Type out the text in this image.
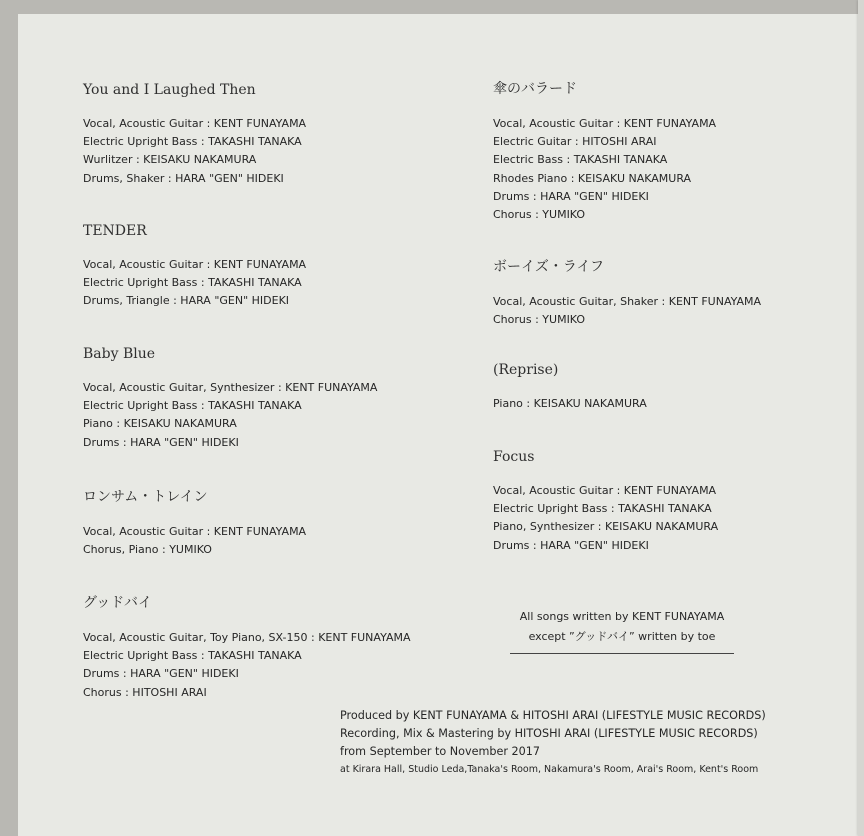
You and I Laughed Then
Vocal, Acoustic Guitar : KENT FUNAYAMA
Electric Upright Bass : TAKASHI TANAKA
Wurlitzer : KEISAKU NAKAMURA
Drums, Shaker : HARA "GEN" HIDEKI
TENDER
Vocal, Acoustic Guitar : KENT FUNAYAMA
Electric Upright Bass : TAKASHI TANAKA
Drums, Triangle : HARA "GEN" HIDEKI
Baby Blue
Vocal, Acoustic Guitar, Synthesizer : KENT FUNAYAMA
Electric Upright Bass : TAKASHI TANAKA
Piano : KEISAKU NAKAMURA
Drums : HARA "GEN" HIDEKI
ロンサム・トレイン
Vocal, Acoustic Guitar : KENT FUNAYAMA
Chorus, Piano : YUMIKO
グッドバイ
Vocal, Acoustic Guitar, Toy Piano, SX-150 : KENT FUNAYAMA
Electric Upright Bass : TAKASHI TANAKA
Drums : HARA "GEN" HIDEKI
Chorus : HITOSHI ARAI
傘のバラード
Vocal, Acoustic Guitar : KENT FUNAYAMA
Electric Guitar : HITOSHI ARAI
Electric Bass : TAKASHI TANAKA
Rhodes Piano : KEISAKU NAKAMURA
Drums : HARA "GEN" HIDEKI
Chorus : YUMIKO
ボーイズ・ライフ
Vocal, Acoustic Guitar, Shaker : KENT FUNAYAMA
Chorus : YUMIKO
(Reprise)
Piano : KEISAKU NAKAMURA
Focus
Vocal, Acoustic Guitar : KENT FUNAYAMA
Electric Upright Bass : TAKASHI TANAKA
Piano, Synthesizer : KEISAKU NAKAMURA
Drums : HARA "GEN" HIDEKI
All songs written by KENT FUNAYAMA
except ”グッドバイ” written by toe
Produced by KENT FUNAYAMA & HITOSHI ARAI (LIFESTYLE MUSIC RECORDS)
Recording, Mix & Mastering by HITOSHI ARAI (LIFESTYLE MUSIC RECORDS)
from September to November 2017
at Kirara Hall, Studio Leda,Tanaka's Room, Nakamura's Room, Arai's Room, Kent's Room
